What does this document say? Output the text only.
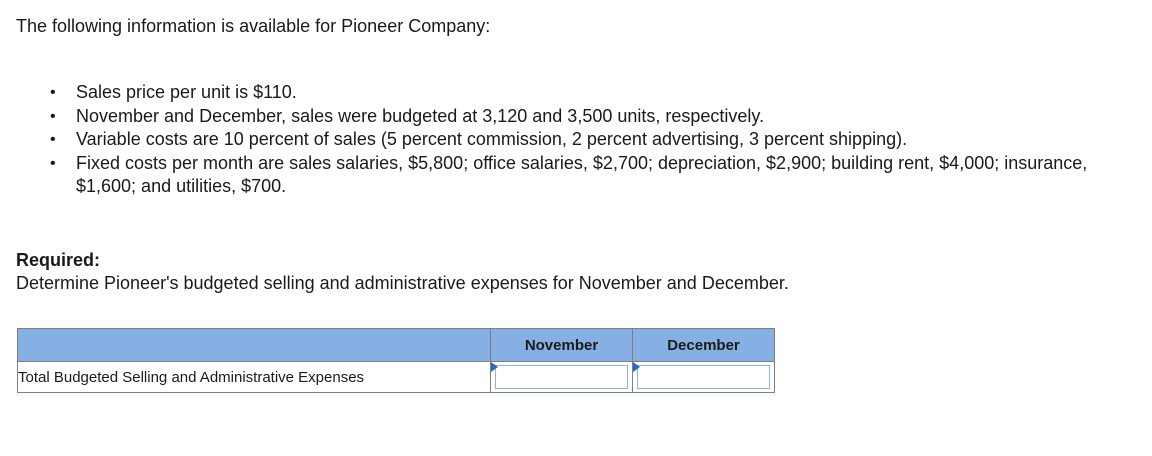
The following information is available for Pioneer Company:
• Sales price per unit is $110.
• November and December, sales were budgeted at 3,120 and 3,500 units, respectively.
• Variable costs are 10 percent of sales (5 percent commission, 2 percent advertising, 3 percent shipping).
• Fixed costs per month are sales salaries, $5,800; office salaries, $2,700; depreciation, $2,900; building rent, $4,000; insurance, $1,600; and utilities, $700.
Required:
Determine Pioneer's budgeted selling and administrative expenses for November and December.
	November	December
Total Budgeted Selling and Administrative Expenses	
